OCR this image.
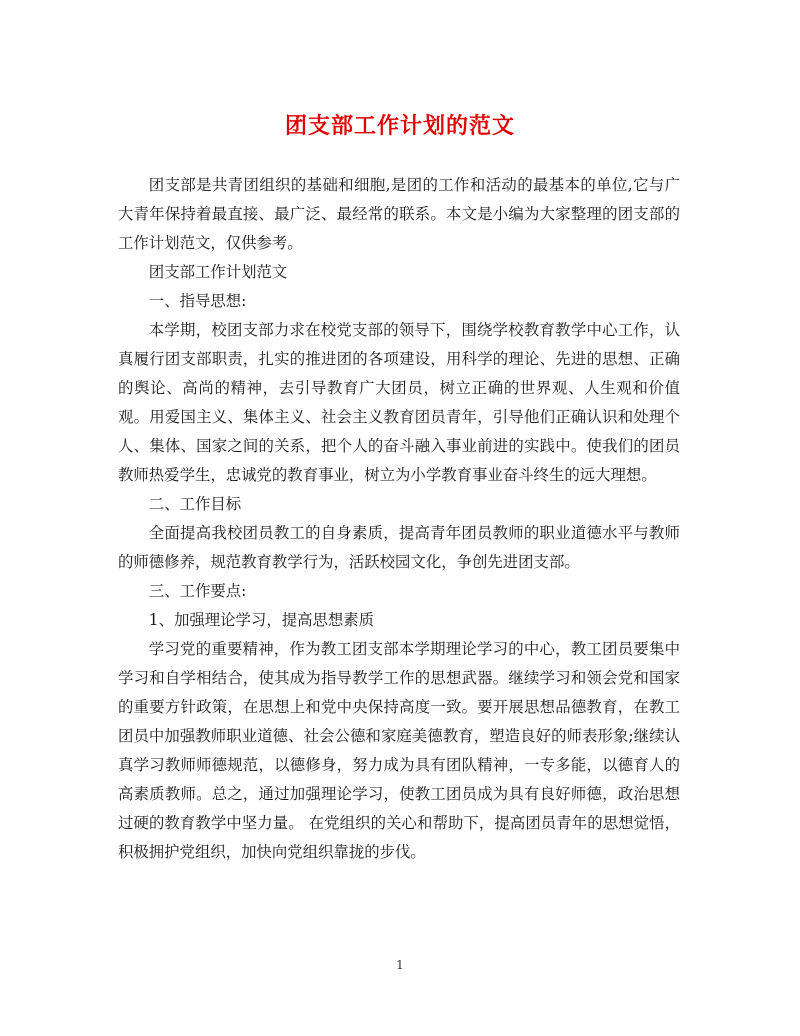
团支部工作计划的范文

团支部是共青团组织的基础和细胞,是团的工作和活动的最基本的单位,它与广大青年保持着最直接、最广泛、最经常的联系。本文是小编为大家整理的团支部的工作计划范文，仅供参考。

团支部工作计划范文

一、指导思想:

本学期，校团支部力求在校党支部的领导下，围绕学校教育教学中心工作，认真履行团支部职责，扎实的推进团的各项建设，用科学的理论、先进的思想、正确的舆论、高尚的精神，去引导教育广大团员，树立正确的世界观、人生观和价值观。用爱国主义、集体主义、社会主义教育团员青年，引导他们正确认识和处理个人、集体、国家之间的关系，把个人的奋斗融入事业前进的实践中。使我们的团员教师热爱学生，忠诚党的教育事业，树立为小学教育事业奋斗终生的远大理想。

二、工作目标

全面提高我校团员教工的自身素质，提高青年团员教师的职业道德水平与教师的师德修养，规范教育教学行为，活跃校园文化，争创先进团支部。

三、工作要点:

1、加强理论学习，提高思想素质

学习党的重要精神，作为教工团支部本学期理论学习的中心，教工团员要集中学习和自学相结合，使其成为指导教学工作的思想武器。继续学习和领会党和国家的重要方针政策，在思想上和党中央保持高度一致。要开展思想品德教育，在教工团员中加强教师职业道德、社会公德和家庭美德教育，塑造良好的师表形象;继续认真学习教师师德规范，以德修身，努力成为具有团队精神，一专多能，以德育人的高素质教师。总之，通过加强理论学习，使教工团员成为具有良好师德，政治思想过硬的教育教学中坚力量。 在党组织的关心和帮助下，提高团员青年的思想觉悟，积极拥护党组织，加快向党组织靠拢的步伐。

1
